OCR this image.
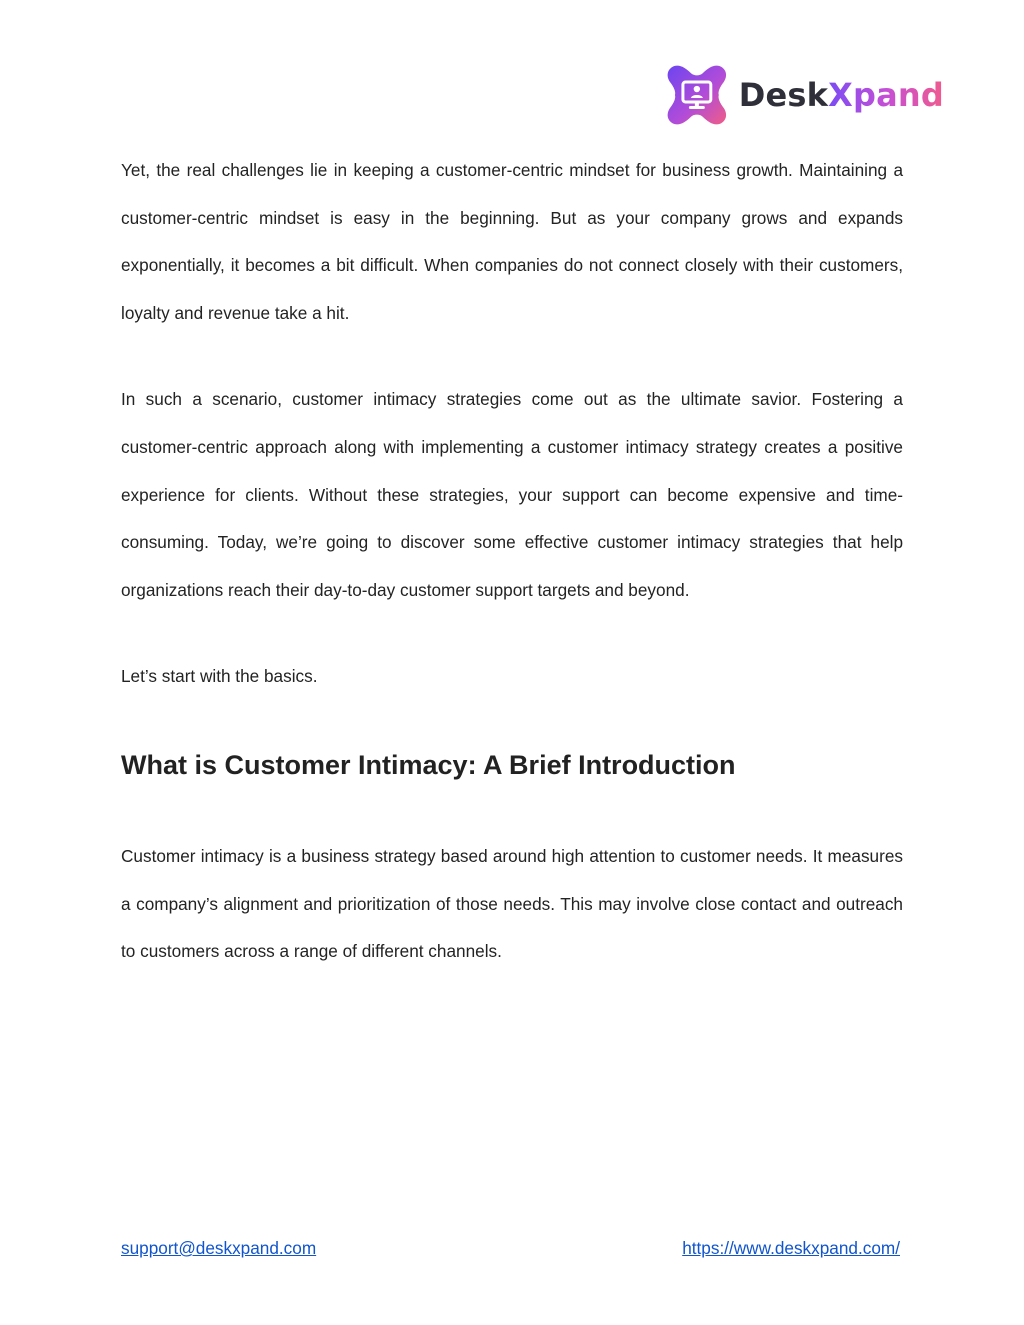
DeskXpand

Yet, the real challenges lie in keeping a customer-centric mindset for business growth. Maintaining a customer-centric mindset is easy in the beginning. But as your company grows and expands exponentially, it becomes a bit difficult. When companies do not connect closely with their customers, loyalty and revenue take a hit.

In such a scenario, customer intimacy strategies come out as the ultimate savior. Fostering a customer-centric approach along with implementing a customer intimacy strategy creates a positive experience for clients. Without these strategies, your support can become expensive and time-consuming. Today, we’re going to discover some effective customer intimacy strategies that help organizations reach their day-to-day customer support targets and beyond.

Let’s start with the basics.

What is Customer Intimacy: A Brief Introduction

Customer intimacy is a business strategy based around high attention to customer needs. It measures a company’s alignment and prioritization of those needs. This may involve close contact and outreach to customers across a range of different channels.

support@deskxpand.com	https://www.deskxpand.com/
